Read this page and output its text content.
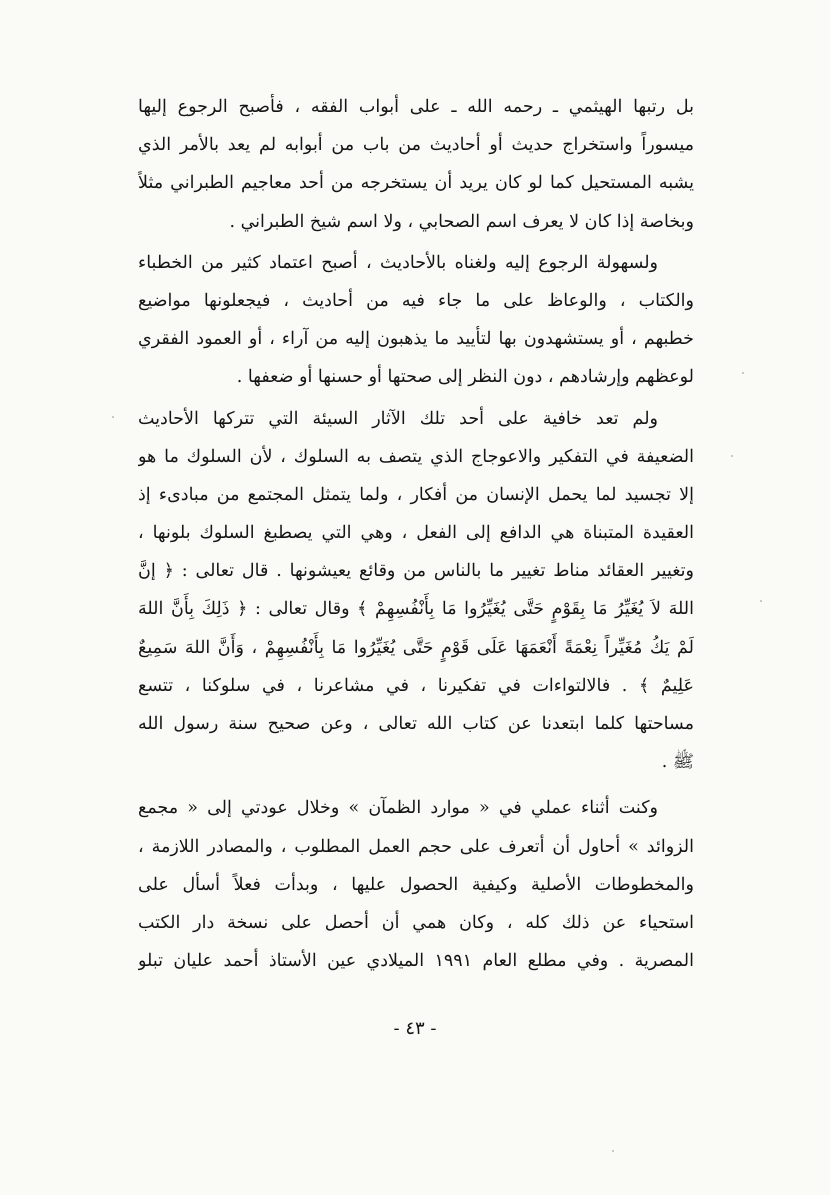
بل رتبها الهيثمي ـ رحمه الله ـ على أبواب الفقه ، فأصبح الرجوع إليها
ميسوراً واستخراج حديث أو أحاديث من باب من أبوابه لم يعد بالأمر الذي
يشبه المستحيل كما لو كان يريد أن يستخرجه من أحد معاجيم الطبراني مثلاً
وبخاصة إذا كان لا يعرف اسم الصحابي ، ولا اسم شيخ الطبراني .
ولسهولة الرجوع إليه ولغناه بالأحاديث ، أصبح اعتماد كثير من الخطباء
والكتاب ، والوعاظ على ما جاء فيه من أحاديث ، فيجعلونها مواضيع
خطبهم ، أو يستشهدون بها لتأييد ما يذهبون إليه من آراء ، أو العمود الفقري
لوعظهم وإرشادهم ، دون النظر إلى صحتها أو حسنها أو ضعفها .
ولم تعد خافية على أحد تلك الآثار السيئة التي تتركها الأحاديث
الضعيفة في التفكير والاعوجاج الذي يتصف به السلوك ، لأن السلوك ما هو
إلا تجسيد لما يحمل الإنسان من أفكار ، ولما يتمثل المجتمع من مبادىء إذ
العقيدة المتبناة هي الدافع إلى الفعل ، وهي التي يصطبغ السلوك بلونها ،
وتغيير العقائد مناط تغيير ما بالناس من وقائع يعيشونها . قال تعالى : ﴿ إنَّ
اللهَ لاَ يُغَيِّرُ مَا بِقَوْمٍ حَتَّى يُغَيِّرُوا مَا بِأَنْفُسِهِمْ ﴾ وقال تعالى : ﴿ ذَلِكَ بِأَنَّ اللهَ
لَمْ يَكُ مُغَيِّراً نِعْمَةً أَنْعَمَهَا عَلَى قَوْمٍ حَتَّى يُغَيِّرُوا مَا بِأَنْفُسِهِمْ ، وَأَنَّ اللهَ سَمِيعٌ
عَلِيمٌ ﴾ . فالالتواءات في تفكيرنا ، في مشاعرنا ، في سلوكنا ، تتسع
مساحتها كلما ابتعدنا عن كتاب الله تعالى ، وعن صحيح سنة رسول الله
ﷺ .
وكنت أثناء عملي في « موارد الظمآن » وخلال عودتي إلى « مجمع
الزوائد » أحاول أن أتعرف على حجم العمل المطلوب ، والمصادر اللازمة ،
والمخطوطات الأصلية وكيفية الحصول عليها ، وبدأت فعلاً أسأل على
استحياء عن ذلك كله ، وكان همي أن أحصل على نسخة دار الكتب
المصرية . وفي مطلع العام ١٩٩١ الميلادي عين الأستاذ أحمد عليان تبلو
- ٤٣ -
